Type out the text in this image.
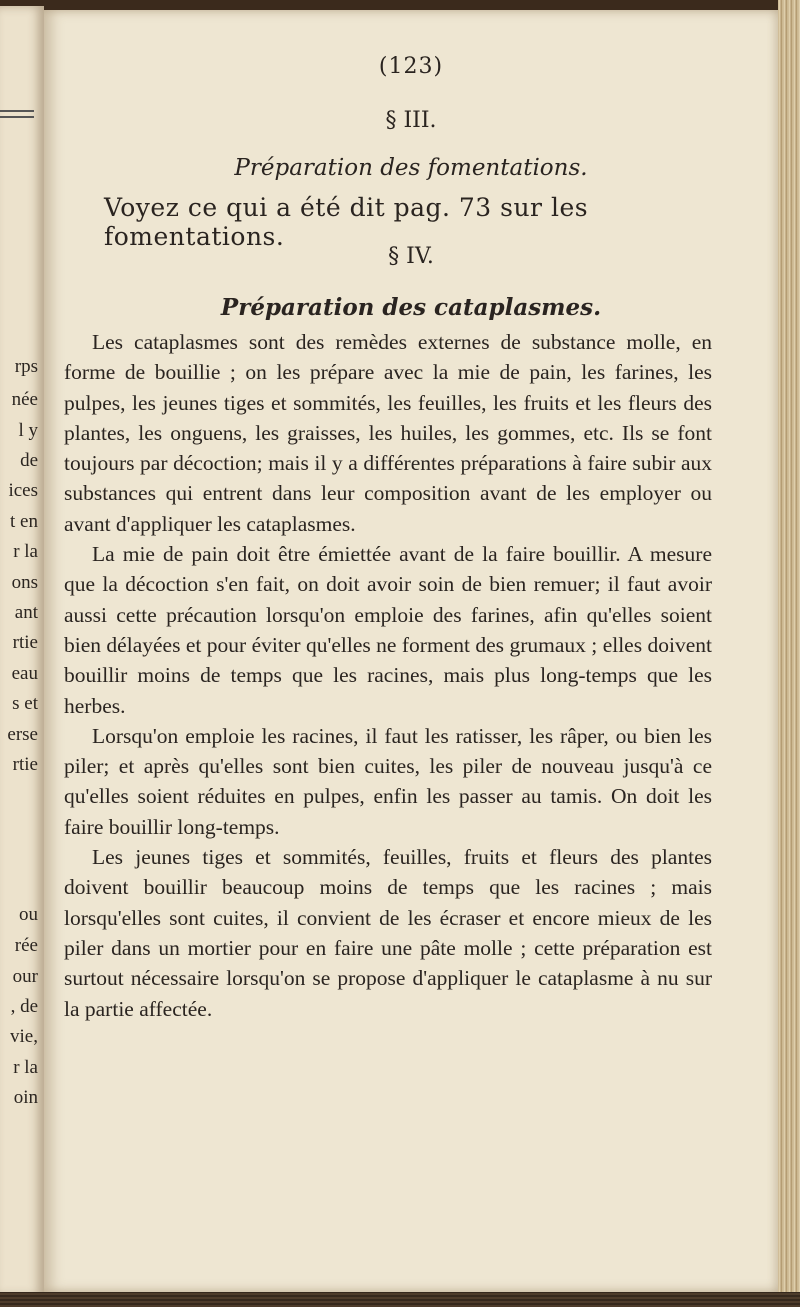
rps
née
l y
de
ices
t en
r la
ons
ant
rtie
eau
s et
erse
rtie
ou
rée
our
, de
vie,
r la
oin
(123)
§ III.
Préparation des fomentations.
Voyez ce qui a été dit pag. 73 sur les fomentations.
§ IV.
Préparation des cataplasmes.

Les cataplasmes sont des remèdes externes de substance molle, en forme de bouillie ; on les prépare avec la mie de pain, les farines, les pulpes, les jeunes tiges et sommités, les feuilles, les fruits et les fleurs des plantes, les onguens, les graisses, les huiles, les gommes, etc. Ils se font toujours par décoction; mais il y a différentes préparations à faire subir aux substances qui entrent dans leur composition avant de les employer ou avant d'appliquer les cataplasmes.

La mie de pain doit être émiettée avant de la faire bouillir. A mesure que la décoction s'en fait, on doit avoir soin de bien remuer; il faut avoir aussi cette précaution lorsqu'on emploie des farines, afin qu'elles soient bien délayées et pour éviter qu'elles ne forment des grumaux ; elles doivent bouillir moins de temps que les racines, mais plus long-temps que les herbes.

Lorsqu'on emploie les racines, il faut les ratisser, les râper, ou bien les piler; et après qu'elles sont bien cuites, les piler de nouveau jusqu'à ce qu'elles soient réduites en pulpes, enfin les passer au tamis. On doit les faire bouillir long-temps.

Les jeunes tiges et sommités, feuilles, fruits et fleurs des plantes doivent bouillir beaucoup moins de temps que les racines ; mais lorsqu'elles sont cuites, il convient de les écraser et encore mieux de les piler dans un mortier pour en faire une pâte molle ; cette préparation est surtout nécessaire lorsqu'on se propose d'appliquer le cataplasme à nu sur la partie affectée.
